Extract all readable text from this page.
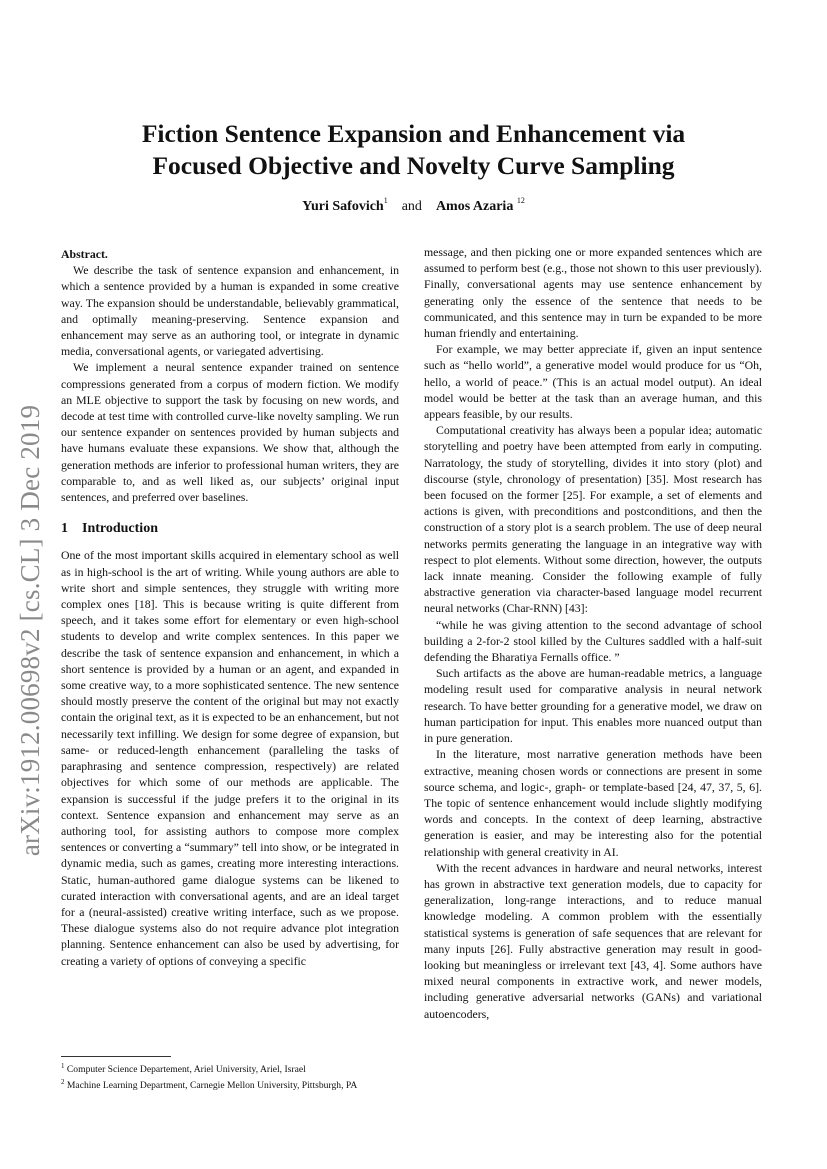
arXiv:1912.00698v2 [cs.CL] 3 Dec 2019
Fiction Sentence Expansion and Enhancement via
Focused Objective and Novelty Curve Sampling
Yuri Safovich$^1$ and Amos Azaria $^{12}$

Abstract.

We describe the task of sentence expansion and enhancement, in which a sentence provided by a human is expanded in some creative way. The expansion should be understandable, believably grammatical, and optimally meaning-preserving. Sentence expansion and enhancement may serve as an authoring tool, or integrate in dynamic media, conversational agents, or variegated advertising.

We implement a neural sentence expander trained on sentence compressions generated from a corpus of modern fiction. We modify an MLE objective to support the task by focusing on new words, and decode at test time with controlled curve-like novelty sampling. We run our sentence expander on sentences provided by human subjects and have humans evaluate these expansions. We show that, although the generation methods are inferior to professional human writers, they are comparable to, and as well liked as, our subjects’ original input sentences, and preferred over baselines.

1 Introduction

One of the most important skills acquired in elementary school as well as in high-school is the art of writing. While young authors are able to write short and simple sentences, they struggle with writing more complex ones [18]. This is because writing is quite different from speech, and it takes some effort for elementary or even high-school students to develop and write complex sentences. In this paper we describe the task of sentence expansion and enhancement, in which a short sentence is provided by a human or an agent, and expanded in some creative way, to a more sophisticated sentence. The new sentence should mostly preserve the content of the original but may not exactly contain the original text, as it is expected to be an enhancement, but not necessarily text infilling. We design for some degree of expansion, but same- or reduced-length enhancement (paralleling the tasks of paraphrasing and sentence compression, respectively) are related objectives for which some of our methods are applicable. The expansion is successful if the judge prefers it to the original in its context. Sentence expansion and enhancement may serve as an authoring tool, for assisting authors to compose more complex sentences or converting a “summary” tell into show, or be integrated in dynamic media, such as games, creating more interesting interactions. Static, human-authored game dialogue systems can be likened to curated interaction with conversational agents, and are an ideal target for a (neural-assisted) creative writing interface, such as we propose. These dialogue systems also do not require advance plot integration planning. Sentence enhancement can also be used by advertising, for creating a variety of options of conveying a specific

message, and then picking one or more expanded sentences which are assumed to perform best (e.g., those not shown to this user previously). Finally, conversational agents may use sentence enhancement by generating only the essence of the sentence that needs to be communicated, and this sentence may in turn be expanded to be more human friendly and entertaining.

For example, we may better appreciate if, given an input sentence such as “hello world”, a generative model would produce for us “Oh, hello, a world of peace.” (This is an actual model output). An ideal model would be better at the task than an average human, and this appears feasible, by our results.

Computational creativity has always been a popular idea; automatic storytelling and poetry have been attempted from early in computing. Narratology, the study of storytelling, divides it into story (plot) and discourse (style, chronology of presentation) [35]. Most research has been focused on the former [25]. For example, a set of elements and actions is given, with preconditions and postconditions, and then the construction of a story plot is a search problem. The use of deep neural networks permits generating the language in an integrative way with respect to plot elements. Without some direction, however, the outputs lack innate meaning. Consider the following example of fully abstractive generation via character-based language model recurrent neural networks (Char-RNN) [43]:

“while he was giving attention to the second advantage of school building a 2-for-2 stool killed by the Cultures saddled with a half-suit defending the Bharatiya Fernalls office. ”

Such artifacts as the above are human-readable metrics, a language modeling result used for comparative analysis in neural network research. To have better grounding for a generative model, we draw on human participation for input. This enables more nuanced output than in pure generation.

In the literature, most narrative generation methods have been extractive, meaning chosen words or connections are present in some source schema, and logic-, graph- or template-based [24, 47, 37, 5, 6]. The topic of sentence enhancement would include slightly modifying words and concepts. In the context of deep learning, abstractive generation is easier, and may be interesting also for the potential relationship with general creativity in AI.

With the recent advances in hardware and neural networks, interest has grown in abstractive text generation models, due to capacity for generalization, long-range interactions, and to reduce manual knowledge modeling. A common problem with the essentially statistical systems is generation of safe sequences that are relevant for many inputs [26]. Fully abstractive generation may result in good-looking but meaningless or irrelevant text [43, 4]. Some authors have mixed neural components in extractive work, and newer models, including generative adversarial networks (GANs) and variational autoencoders,

$^1$ Computer Science Departement, Ariel University, Ariel, Israel
$^2$ Machine Learning Department, Carnegie Mellon University, Pittsburgh, PA
